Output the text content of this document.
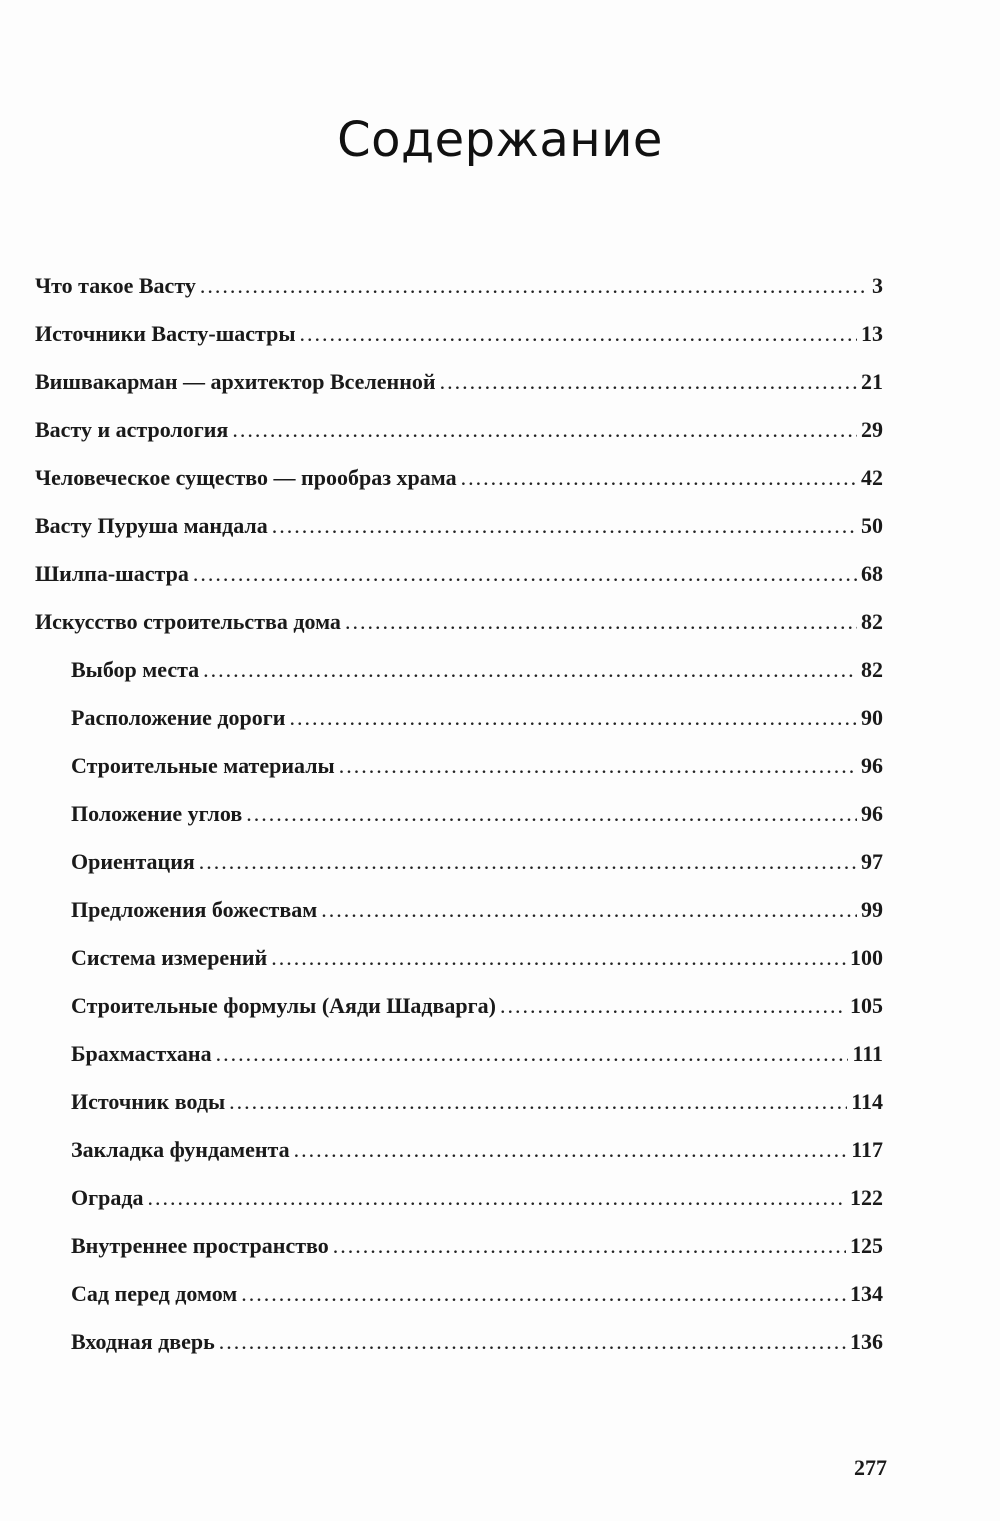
Содержание
Что такое Васту .....	3
Источники Васту-шастры .....	13
Вишвакарман — архитектор Вселенной .....	21
Васту и астрология .....	29
Человеческое существо — прообраз храма .....	42
Васту Пуруша мандала .....	50
Шилпа-шастра .....	68
Искусство строительства дома .....	82
Выбор места .....	82
Расположение дороги .....	90
Строительные материалы .....	96
Положение углов .....	96
Ориентация .....	97
Предложения божествам .....	99
Система измерений .....	100
Строительные формулы (Аяди Шадварга) .....	105
Брахмастхана .....	111
Источник воды .....	114
Закладка фундамента .....	117
Ограда .....	122
Внутреннее пространство .....	125
Сад перед домом .....	134
Входная дверь .....	136
277
